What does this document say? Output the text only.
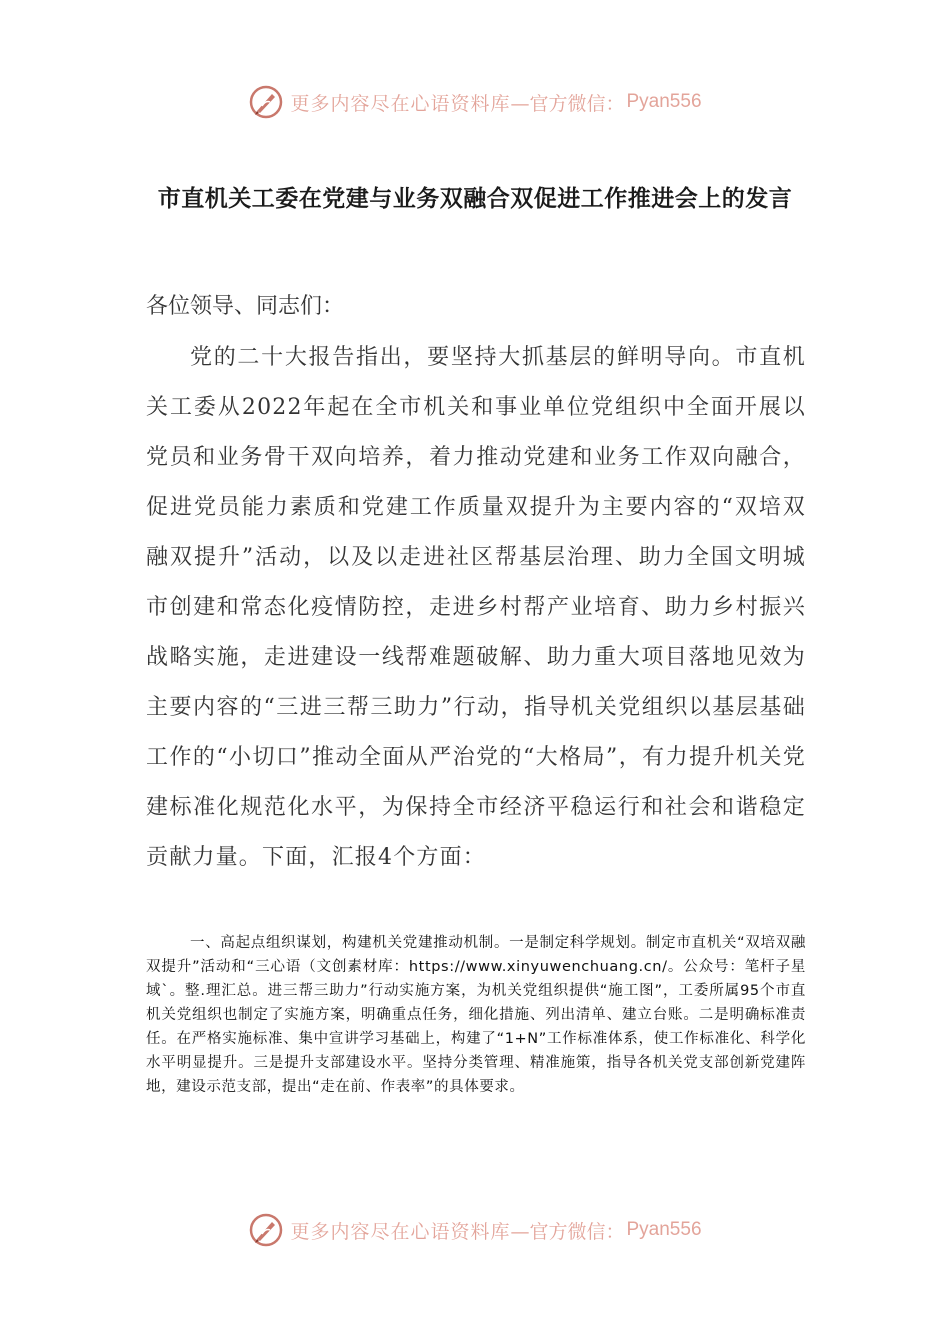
更多内容尽在心语资料库 —官方微信： Pyan556
市直机关工委在党建与业务双融合双促进工作推进会上的发言
各位领导、同志们：

党的二十大报告指出，要坚持大抓基层的鲜明导向。市直机关工委从2022年起在全市机关和事业单位党组织中全面开展以党员和业务骨干双向培养，着力推动党建和业务工作双向融合，促进党员能力素质和党建工作质量双提升为主要内容的“双培双融双提升”活动，以及以走进社区帮基层治理、助力全国文明城市创建和常态化疫情防控，走进乡村帮产业培育、助力乡村振兴战略实施，走进建设一线帮难题破解、助力重大项目落地见效为主要内容的“三进三帮三助力”行动，指导机关党组织以基层基础工作的“小切口”推动全面从严治党的“大格局”，有力提升机关党建标准化规范化水平，为保持全市经济平稳运行和社会和谐稳定贡献力量。下面，汇报4个方面：

一、高起点组织谋划，构建机关党建推动机制。一是制定科学规划。制定市直机关“双培双融双提升”活动和“三心语（文创素材库：https://www.xinyuwenchuang.cn/。公众号：笔杆子星域`。整.理汇总。进三帮三助力”行动实施方案，为机关党组织提供“施工图”，工委所属95个市直机关党组织也制定了实施方案，明确重点任务，细化措施、列出清单、建立台账。二是明确标准责任。在严格实施标准、集中宣讲学习基础上，构建了“1+N”工作标准体系，使工作标准化、科学化水平明显提升。三是提升支部建设水平。坚持分类管理、精准施策，指导各机关党支部创新党建阵地，建设示范支部，提出“走在前、作表率”的具体要求。

更多内容尽在心语资料库 —官方微信： Pyan556
